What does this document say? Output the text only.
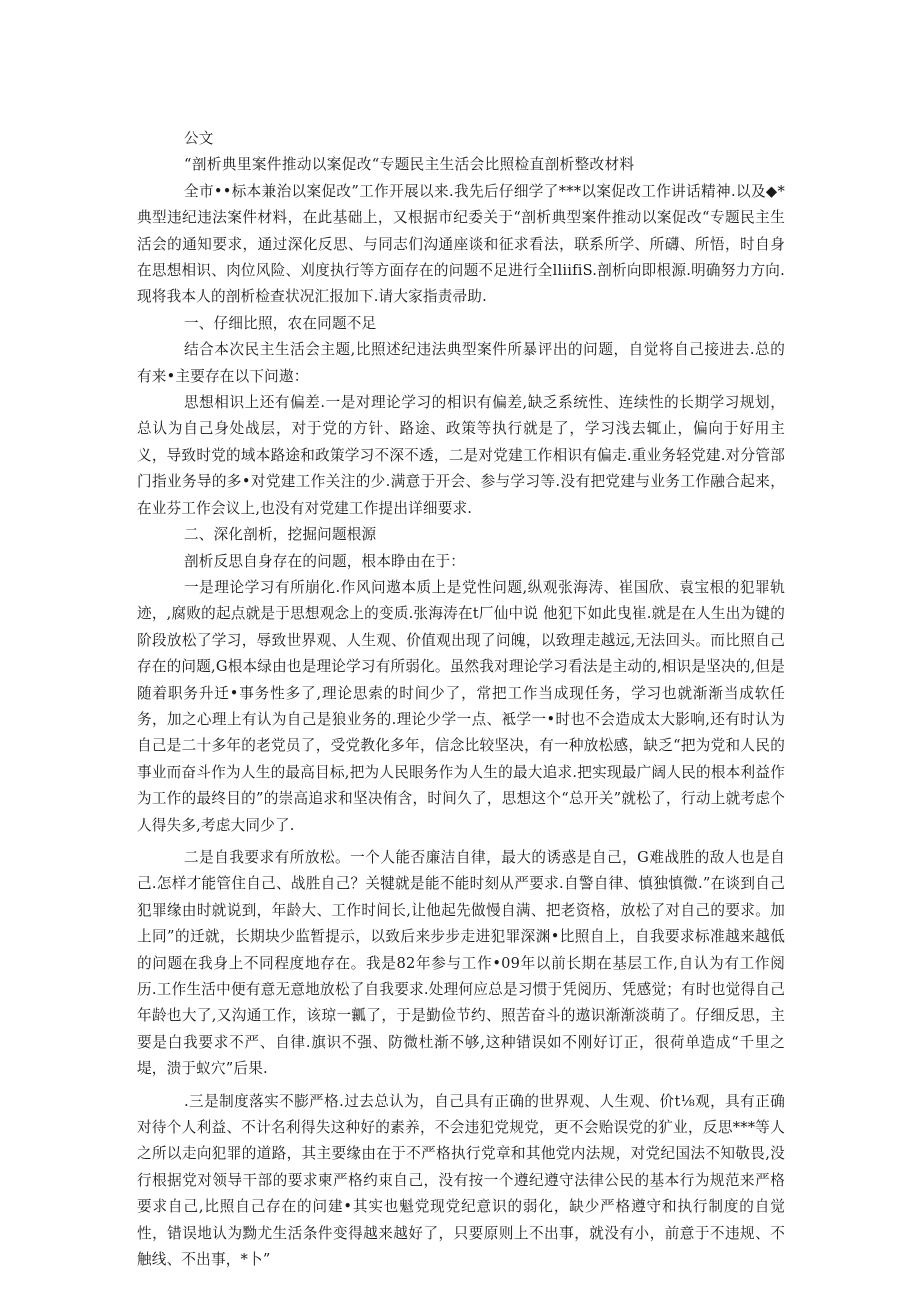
公文

“剖析典里案件推动以案促改“专题民主生活会比照检直剖析整改材料

全市••标本兼治以案促改”工作开展以来.我先后仔细学了***以案促改工作讲话精神.以及◆*典型违纪违法案件材料，在此基础上，又根据市纪委关于“剖析典型案件推动以案促改“专题民主生活会的通知要求，通过深化反思、与同志们沟通座谈和征求看法，联系所学、所礴、所悟，时自身在思想相识、肉位风险、刈度执行等方面存在的问题不足进行全lliifiS.剖析向即根源.明确努力方向.现将我本人的剖析检查状况汇报加下.请大家指责帚助.

一、仔细比照，农在同题不足

结合本次民主生活会主题,比照述纪违法典型案件所暴评出的问题，自觉将自己接进去.总的有来•主要存在以下问遨：

思想相识上还有偏差.一是对理论学习的相识有偏差,缺乏系统性、连续性的长期学习规划，总认为自己身处战层，对于党的方针、路途、政策等执行就是了，学习浅去辄止，偏向于好用主义，导致时党的域本路途和政策学习不深不透，二是对党建工作相识有偏走.重业务轻党建.对分管部门指业务导的多•对党建工作关注的少.满意于开会、参与学习等.没有把党建与业务工作融合起来，在业芬工作会议上,也没有对党建工作提出详细要求.

二、深化剖析，挖掘问题根源

剖析反思自身存在的问题，根本睁由在于：

一是理论学习有所崩化.作风问遨本质上是党性问题,纵观张海涛、崔国欣、袁宝根的犯罪轨迹，,腐败的起点就是于思想观念上的变质.张海涛在t厂仙中说 他犯下如此曳崔.就是在人生出为键的阶段放松了学习，辱致世界观、人生观、价值观出现了问魄，以致理走越远,无法回头。而比照自己存在的问题,G根本绿由也是理论学习有所弱化。虽然我对理论学习看法是主动的,相识是坚决的,但是随着职务升迁•事务性多了,理论思索的时间少了，常把工作当成现任务，学习也就渐渐当成软任务，加之心理上有认为自己是狼业务的.理论少学一点、袛学一•时也不会造成太大影响,还有时认为自己是二十多年的老党员了，受党教化多年，信念比较坚决，有一种放松感，缺乏“把为党和人民的事业而奋斗作为人生的最高目标,把为人民眼务作为人生的最大追求.把实现最广阔人民的根本利益作为工作的最终目的”的崇高追求和坚决侑含，时间久了，思想这个“总开关”就松了，行动上就考虑个人得失多,考虑大同少了.

二是自我要求有所放松。一个人能否廉洁自律，最大的诱惑是自己，G难战胜的敌人也是自己.怎样才能管住自己、战胜自己？关犍就是能不能时刻从严要求.自警自律、慎独慎微.”在谈到自己犯罪缘由时就说到，年龄大、工作时间长,让他起先做慢自满、把老资格，放松了对自己的要求。加上同”的迁就，长期块少监暂提示，以致后来步步走进犯罪深渊•比照自上，自我要求标准越来越低的问题在我身上不同程度地存在。我是82年参与工作•09年以前长期在基层工作,自认为有工作阅历.工作生活中便有意无意地放松了自我要求.处理何应总是习惯于凭阅历、凭感觉；有时也觉得自己年龄也大了,又沟通工作，该琼一瓤了，于是勤俭节约、照苦奋斗的遨识渐渐淡萌了。仔细反思，主要是白我要求不严、自律.旗识不强、防微杜渐不够,这种错误如不刚好订正，很荷单造成“千里之堤，溃于蚁穴”后果.

.三是制度落实不膨严格.过去总认为，自己具有正确的世界观、人生观、价t⅛观，具有正确对待个人利益、不计名利得失这种好的素养，不会违犯党规党，更不会贻误党的犷业，反思***等人之所以走向犯罪的道路，其主要缘由在于不严格执行党章和其他党内法规，对党纪国法不知敬畏,没行根据党对领导干部的要求柬严格约束自己，没有按一个遵纪遵守法律公民的基本行为规范来严格要求自己,比照自己存在的问建•其实也魁党现党纪意识的弱化，缺少严格遵守和执行制度的自觉性，错误地认为黝尤生活条件变得越来越好了，只要原则上不出事，就没有小，前意于不违规、不触线、不出事，*卜”
